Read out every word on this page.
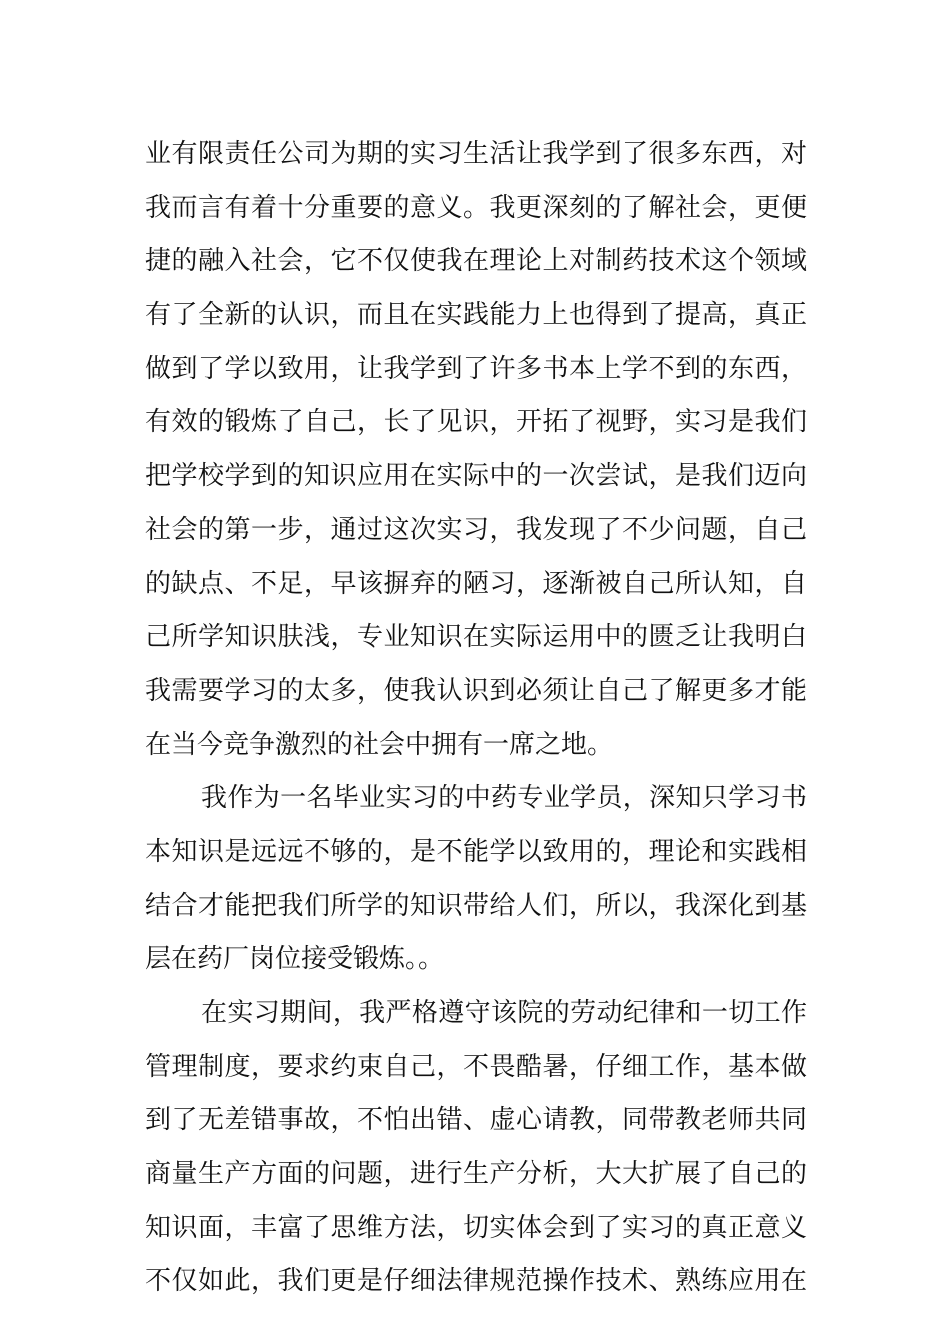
业有限责任公司为期的实习生活让我学到了很多东西，对
我而言有着十分重要的意义。我更深刻的了解社会，更便
捷的融入社会，它不仅使我在理论上对制药技术这个领域
有了全新的认识，而且在实践能力上也得到了提高，真正
做到了学以致用，让我学到了许多书本上学不到的东西，
有效的锻炼了自己，长了见识，开拓了视野，实习是我们
把学校学到的知识应用在实际中的一次尝试，是我们迈向
社会的第一步，通过这次实习，我发现了不少问题，自己
的缺点、不足，早该摒弃的陋习，逐渐被自己所认知，自
己所学知识肤浅，专业知识在实际运用中的匮乏让我明白
我需要学习的太多，使我认识到必须让自己了解更多才能
在当今竞争激烈的社会中拥有一席之地。
我作为一名毕业实习的中药专业学员，深知只学习书
本知识是远远不够的，是不能学以致用的，理论和实践相
结合才能把我们所学的知识带给人们，所以，我深化到基
层在药厂岗位接受锻炼。。
在实习期间，我严格遵守该院的劳动纪律和一切工作
管理制度，要求约束自己，不畏酷暑，仔细工作，基本做
到了无差错事故，不怕出错、虚心请教，同带教老师共同
商量生产方面的问题，进行生产分析，大大扩展了自己的
知识面，丰富了思维方法，切实体会到了实习的真正意义
不仅如此，我们更是仔细法律规范操作技术、熟练应用在
